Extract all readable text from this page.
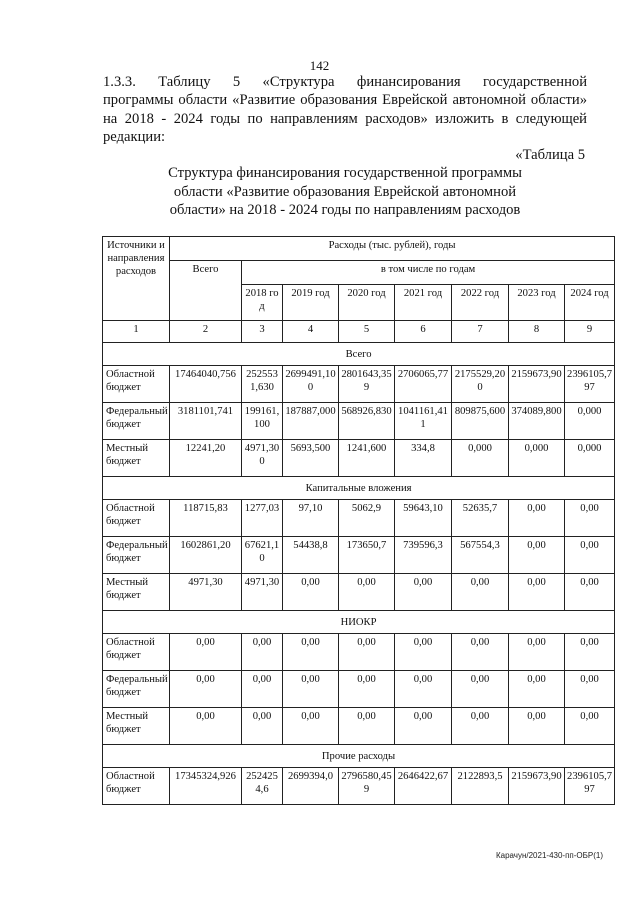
142
1.3.3. Таблицу 5 «Структура финансирования государственной
программы области «Развитие образования Еврейской автономной области»
на 2018 - 2024 годы по направлениям расходов» изложить в следующей
редакции:
«Таблица 5
Структура финансирования государственной программы
области «Развитие образования Еврейской автономной
области» на 2018 - 2024 годы по направлениям расходов
Источники и направления расходов	Расходы (тыс. рублей), годы							
	Всего	в том числе по годам						
		2018 год	2019 год	2020 год	2021 год	2022 год	2023 год	2024 год
1	2	3	4	5	6	7	8	9
Всего								
Областной бюджет	17464040,756	2525531,630	2699491,100	2801643,359	2706065,77	2175529,200	2159673,90	2396105,797
Федеральный бюджет	3181101,741	199161,100	187887,000	568926,830	1041161,411	809875,600	374089,800	0,000
Местный бюджет	12241,20	4971,300	5693,500	1241,600	334,8	0,000	0,000	0,000
Капитальные вложения								
Областной бюджет	118715,83	1277,03	97,10	5062,9	59643,10	52635,7	0,00	0,00
Федеральный бюджет	1602861,20	67621,10	54438,8	173650,7	739596,3	567554,3	0,00	0,00
Местный бюджет	4971,30	4971,30	0,00	0,00	0,00	0,00	0,00	0,00
НИОКР								
Областной бюджет	0,00	0,00	0,00	0,00	0,00	0,00	0,00	0,00
Федеральный бюджет	0,00	0,00	0,00	0,00	0,00	0,00	0,00	0,00
Местный бюджет	0,00	0,00	0,00	0,00	0,00	0,00	0,00	0,00
Прочие расходы								
Областной бюджет	17345324,926	2524254,6	2699394,0	2796580,459	2646422,67	2122893,5	2159673,90	2396105,797
Карачун/2021-430-пп-ОБР(1)
